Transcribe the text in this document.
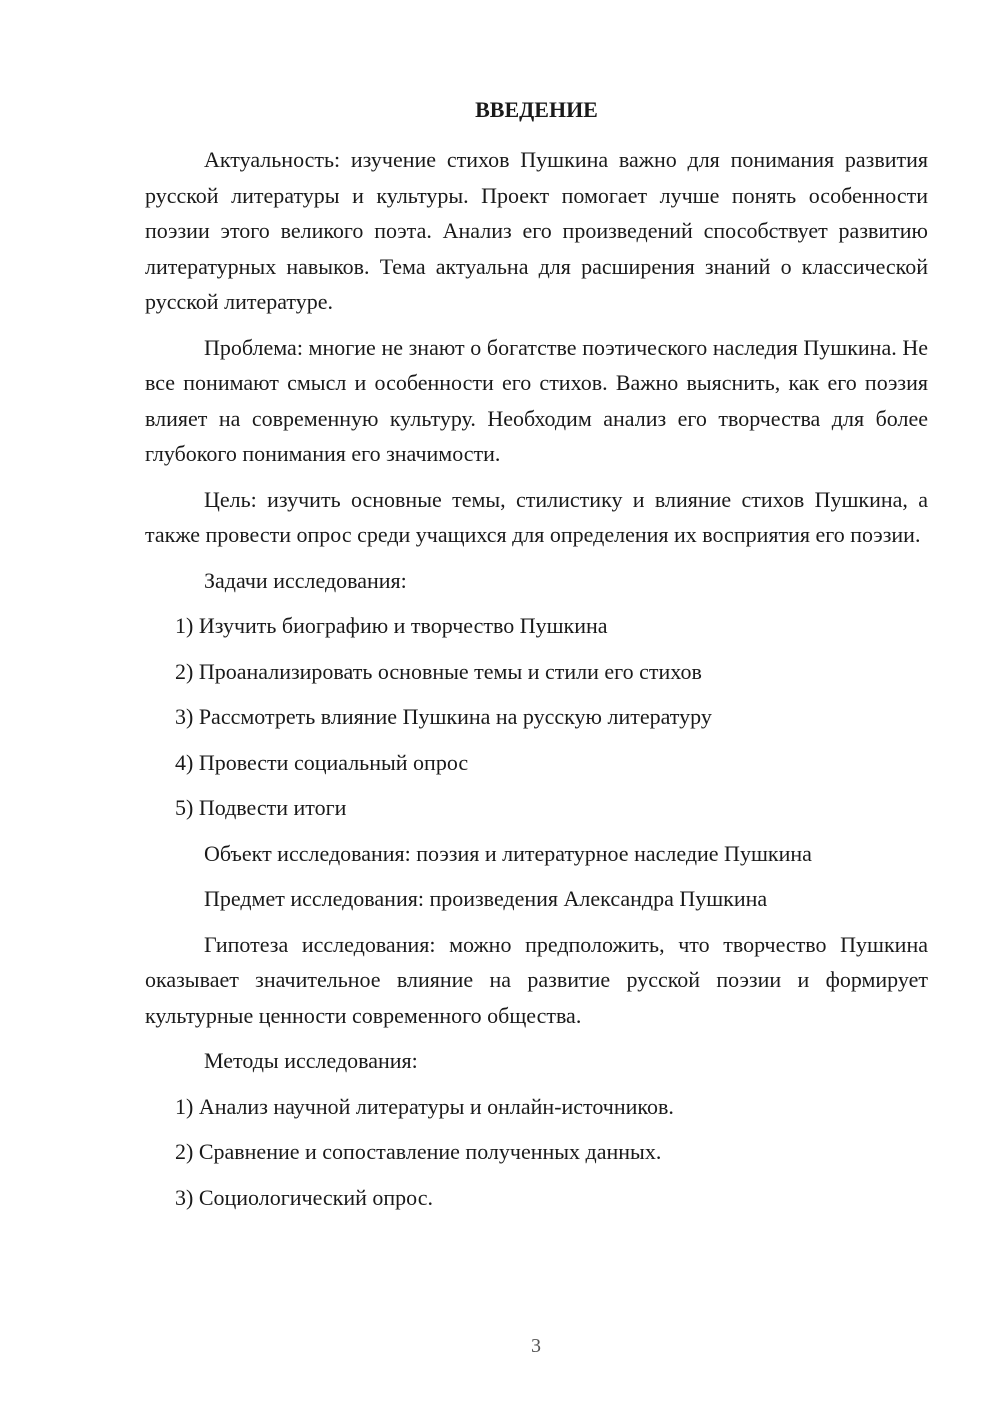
ВВЕДЕНИЕ

Актуальность: изучение стихов Пушкина важно для понимания развития русской литературы и культуры. Проект помогает лучше понять особенности поэзии этого великого поэта. Анализ его произведений способствует развитию литературных навыков. Тема актуальна для расширения знаний о классической русской литературе.

Проблема: многие не знают о богатстве поэтического наследия Пушкина. Не все понимают смысл и особенности его стихов. Важно выяснить, как его поэзия влияет на современную культуру. Необходим анализ его творчества для более глубокого понимания его значимости.

Цель: изучить основные темы, стилистику и влияние стихов Пушкина, а также провести опрос среди учащихся для определения их восприятия его поэзии.

Задачи исследования:

1) Изучить биографию и творчество Пушкина
2) Проанализировать основные темы и стили его стихов
3) Рассмотреть влияние Пушкина на русскую литературу
4) Провести социальный опрос
5) Подвести итоги

Объект исследования: поэзия и литературное наследие Пушкина

Предмет исследования: произведения Александра Пушкина

Гипотеза исследования: можно предположить, что творчество Пушкина оказывает значительное влияние на развитие русской поэзии и формирует культурные ценности современного общества.

Методы исследования:

1) Анализ научной литературы и онлайн-источников.
2) Сравнение и сопоставление полученных данных.
3) Социологический опрос.
3
